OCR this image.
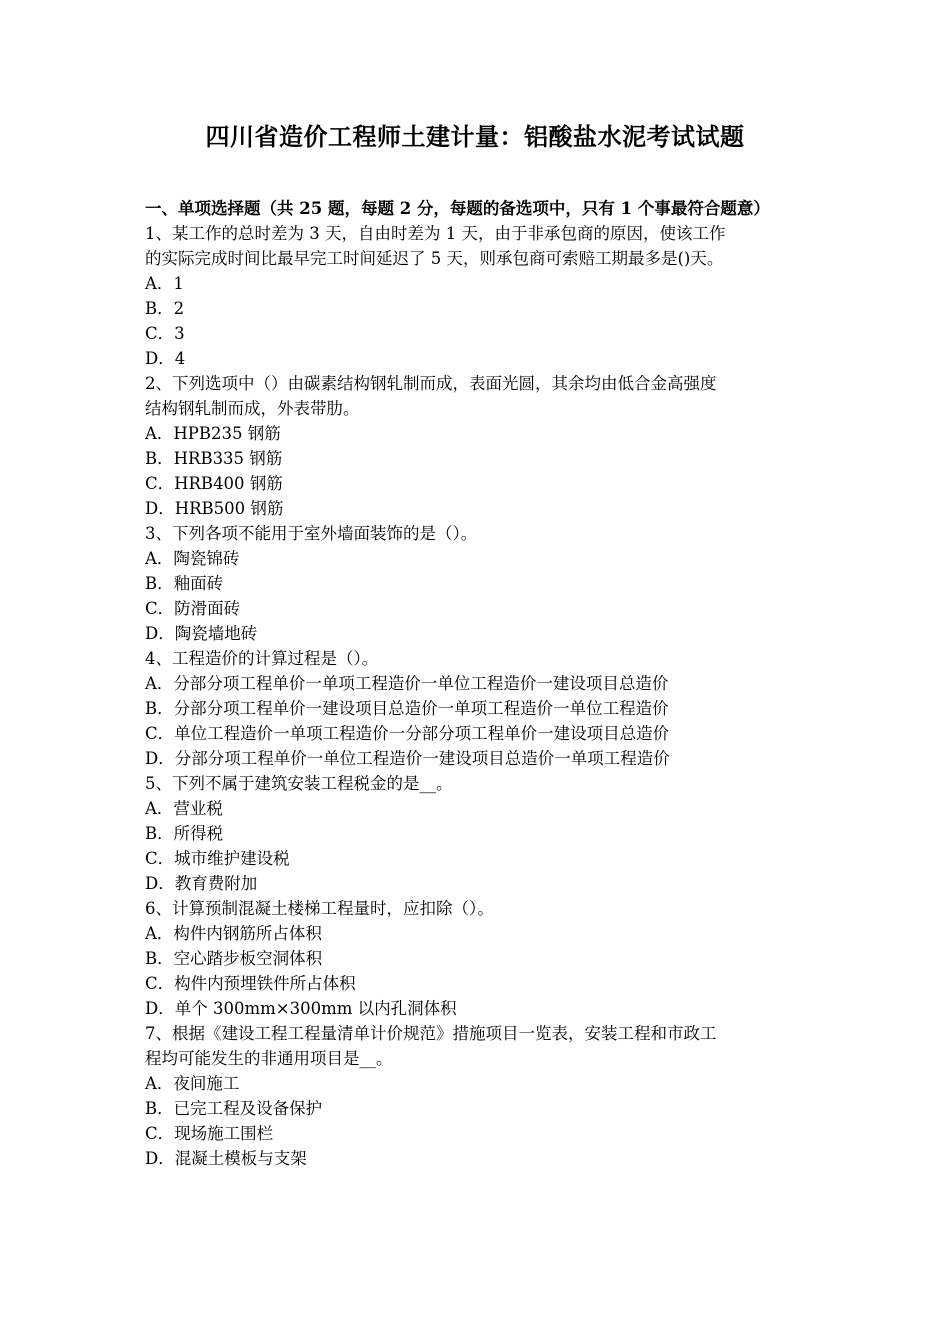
四川省造价工程师土建计量：铝酸盐水泥考试试题

一、单项选择题（共 25 题，每题 2 分，每题的备选项中，只有 1 个事最符合题意）

1、某工作的总时差为 3 天，自由时差为 1 天，由于非承包商的原因，使该工作

的实际完成时间比最早完工时间延迟了 5 天，则承包商可索赔工期最多是()天。

A．1

B．2

C．3

D．4

2、下列选项中（）由碳素结构钢轧制而成，表面光圆，其余均由低合金高强度

结构钢轧制而成，外表带肋。

A．HPB235 钢筋

B．HRB335 钢筋

C．HRB400 钢筋

D．HRB500 钢筋

3、下列各项不能用于室外墙面装饰的是（）。

A．陶瓷锦砖

B．釉面砖

C．防滑面砖

D．陶瓷墙地砖

4、工程造价的计算过程是（）。

A．分部分项工程单价一单项工程造价一单位工程造价一建设项目总造价

B．分部分项工程单价一建设项目总造价一单项工程造价一单位工程造价

C．单位工程造价一单项工程造价一分部分项工程单价一建设项目总造价

D．分部分项工程单价一单位工程造价一建设项目总造价一单项工程造价

5、下列不属于建筑安装工程税金的是__。

A．营业税

B．所得税

C．城市维护建设税

D．教育费附加

6、计算预制混凝土楼梯工程量时，应扣除（）。

A．构件内钢筋所占体积

B．空心踏步板空洞体积

C．构件内预埋铁件所占体积

D．单个 300mm×300mm 以内孔洞体积

7、根据《建设工程工程量清单计价规范》措施项目一览表，安装工程和市政工

程均可能发生的非通用项目是__。

A．夜间施工

B．已完工程及设备保护

C．现场施工围栏

D．混凝土模板与支架
